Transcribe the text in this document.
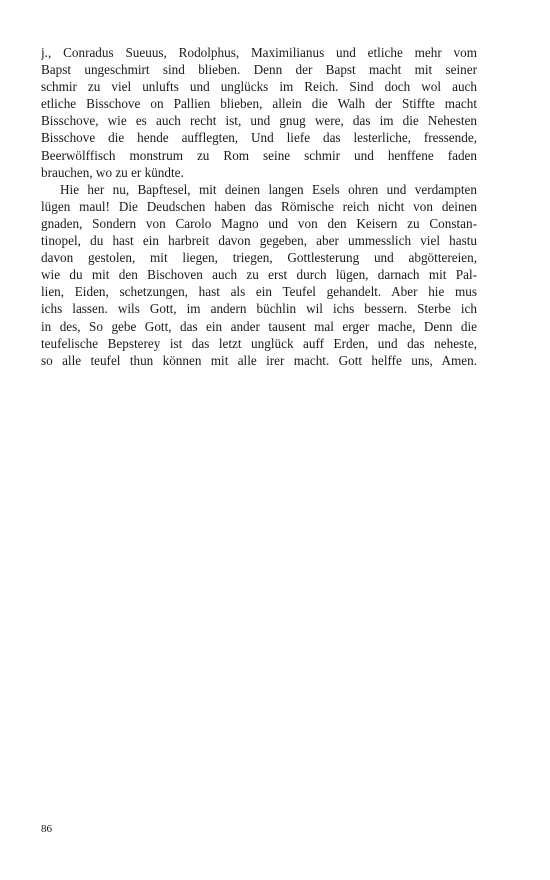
j., Conradus Sueuus, Rodolphus, Maximilianus und etliche mehr vom
Bapst ungeschmirt sind blieben. Denn der Bapst macht mit seiner
schmir zu viel unlufts und unglücks im Reich. Sind doch wol auch
etliche Bisschove on Pallien blieben, allein die Walh der Stiffte macht
Bisschove, wie es auch recht ist, und gnug were, das im die Nehesten
Bisschove die hende aufflegten, Und liefe das lesterliche, fressende,
Beerwölffisch monstrum zu Rom seine schmir und henffene faden
brauchen, wo zu er kündte.
Hie her nu, Bapftesel, mit deinen langen Esels ohren und verdampten
lügen maul! Die Deudschen haben das Römische reich nicht von deinen
gnaden, Sondern von Carolo Magno und von den Keisern zu Constan-
tinopel, du hast ein harbreit davon gegeben, aber ummesslich viel hastu
davon gestolen, mit liegen, triegen, Gottlesterung und abgöttereien,
wie du mit den Bischoven auch zu erst durch lügen, darnach mit Pal-
lien, Eiden, schetzungen, hast als ein Teufel gehandelt. Aber hie mus
ichs lassen. wils Gott, im andern büchlin wil ichs bessern. Sterbe ich
in des, So gebe Gott, das ein ander tausent mal erger mache, Denn die
teufelische Bepsterey ist das letzt unglück auff Erden, und das neheste,
so alle teufel thun können mit alle irer macht. Gott helffe uns, Amen.
86
